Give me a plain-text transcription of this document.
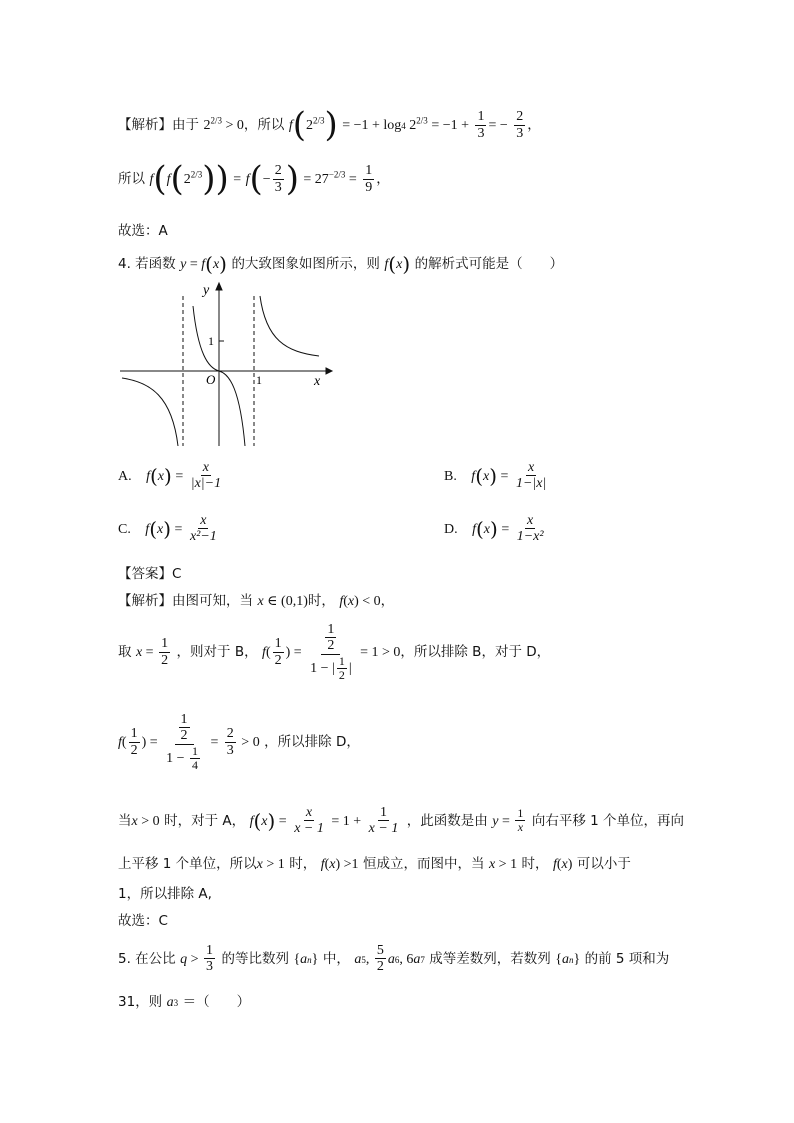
【解析】由于 $2^{2/3} > 0$，所以 $f(2^{2/3}) = -1 + \log 4$ $2^{2/3} = -1 + \frac{1}{3}$ = − $\frac{2}{3}$ ，
所以 $f(f(2^{2/3})) = f(- \frac{2}{3}$ ) = $27^{-2/3} = \frac{1}{9}$ ，
故选：A
4. 若函数 y = f(x) 的大致图象如图所示，则 f(x) 的解析式可能是（　　）
y
x
O	1
1
A. $f(x) = \frac{x}{|x|-1}$	B. $f(x) = \frac{x}{1-|x|}$
C. $f(x) = \frac{x}{\text{x²−1}}$	D. $f(x) = \frac{x}{\text{1−x²}}$
【答案】C
【解析】由图可知，当 x ∈ (0,1)时， f(x) < 0，
取 $x = \frac{1}{2}$ ，则对于 B， $f( \frac{1}{2}$ ) = $\frac{\frac{1}{2}}{1 - | \frac{1}{2} |} = 1 > 0$，所以排除 B，对于 D，
$f( \frac{1}{2}$ ) = $\frac{\frac{1}{2}}{1 - \frac{1}{4}} = \frac{2}{3} > 0$ ，所以排除 D，
当x > 0 时，对于 A， $f(x) = \frac{x}{x - 1} = 1 + \frac{1}{x - 1}$ ，此函数是由 $y = \frac{1}{x}$ 向右平移 1 个单位，再向
上平移 1 个单位，所以x > 1 时， f(x) >1 恒成立，而图中，当 x > 1 时， f(x) 可以小于
1，所以排除 A,
故选：C
5. 在公比 $q > \frac{1}{3}$ 的等比数列 {an} 中， a5, $\frac{5}{2} a6$, 6a7 成等差数列，若数列 {an} 的前 5 项和为
31，则 a3 ＝（　　）
